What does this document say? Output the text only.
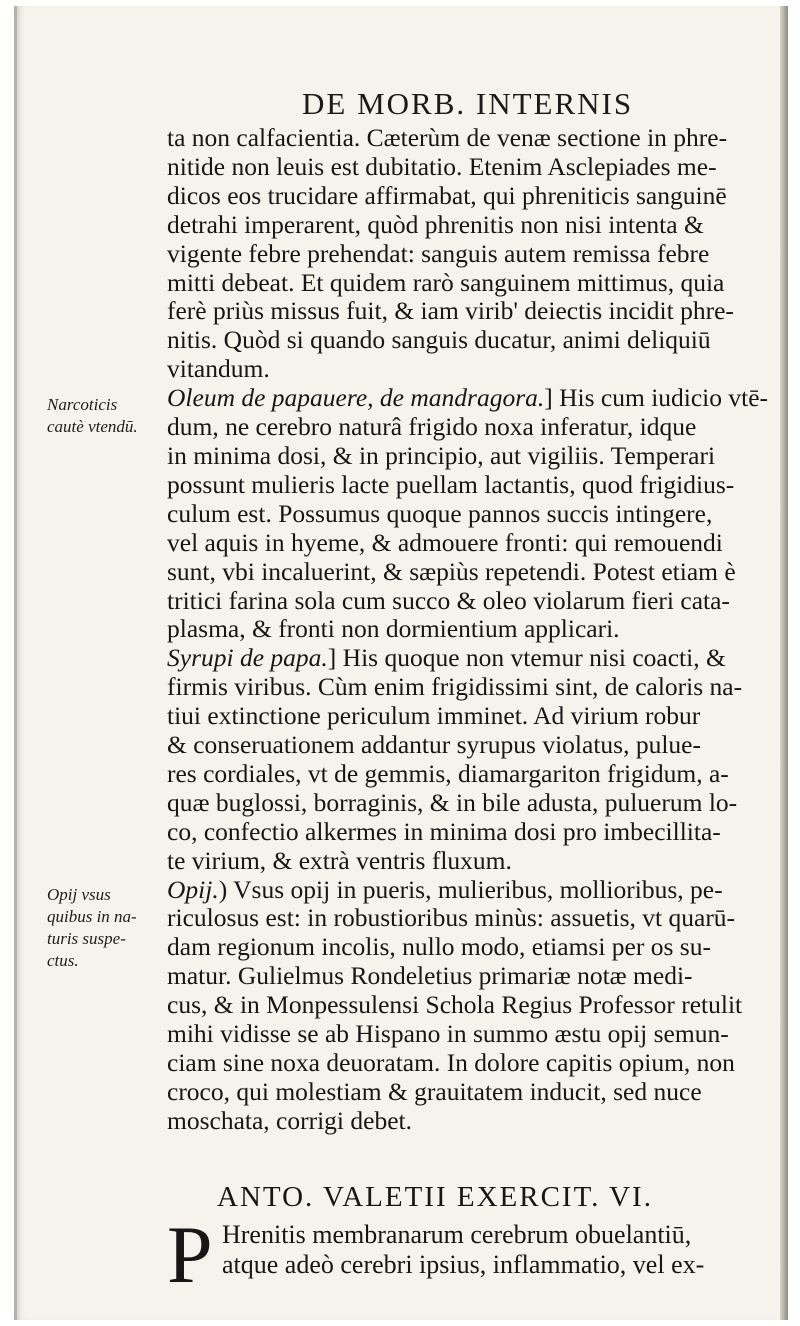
DE MORB. INTERNIS
Narcoticis
cautè vtendū.
Opij vsus
quibus in na-
turis suspe-
ctus.

ta non calfacientia. Cæterùm de venæ sectione in phre-
nitide non leuis est dubitatio. Etenim Asclepiades me-
dicos eos trucidare affirmabat, qui phreniticis sanguinē
detrahi imperarent, quòd phrenitis non nisi intenta &
vigente febre prehendat: sanguis autem remissa febre
mitti debeat. Et quidem rarò sanguinem mittimus, quia
ferè priùs missus fuit, & iam virib' deiectis incidit phre-
nitis. Quòd si quando sanguis ducatur, animi deliquiū
vitandum.

Oleum de papauere, de mandragora.] His cum iudicio vtē-
dum, ne cerebro naturâ frigido noxa inferatur, idque
in minima dosi, & in principio, aut vigiliis. Temperari
possunt mulieris lacte puellam lactantis, quod frigidius-
culum est. Possumus quoque pannos succis intingere,
vel aquis in hyeme, & admouere fronti: qui remouendi
sunt, vbi incaluerint, & sæpiùs repetendi. Potest etiam è
tritici farina sola cum succo & oleo violarum fieri cata-
plasma, & fronti non dormientium applicari.

Syrupi de papa.] His quoque non vtemur nisi coacti, &
firmis viribus. Cùm enim frigidissimi sint, de caloris na-
tiui extinctione periculum imminet. Ad virium robur
& conseruationem addantur syrupus violatus, pulue-
res cordiales, vt de gemmis, diamargariton frigidum, a-
quæ buglossi, borraginis, & in bile adusta, puluerum lo-
co, confectio alkermes in minima dosi pro imbecillita-
te virium, & extrà ventris fluxum.

Opij.) Vsus opij in pueris, mulieribus, mollioribus, pe-
riculosus est: in robustioribus minùs: assuetis, vt quarū-
dam regionum incolis, nullo modo, etiamsi per os su-
matur. Gulielmus Rondeletius primariæ notæ medi-
cus, & in Monpessulensi Schola Regius Professor retulit
mihi vidisse se ab Hispano in summo æstu opij semun-
ciam sine noxa deuoratam. In dolore capitis opium, non
croco, qui molestiam & grauitatem inducit, sed nuce
moschata, corrigi debet.

ANTO. VALETII EXERCIT. VI.
P Hrenitis membranarum cerebrum obuelantiū,
atque adeò cerebri ipsius, inflammatio, vel ex-
